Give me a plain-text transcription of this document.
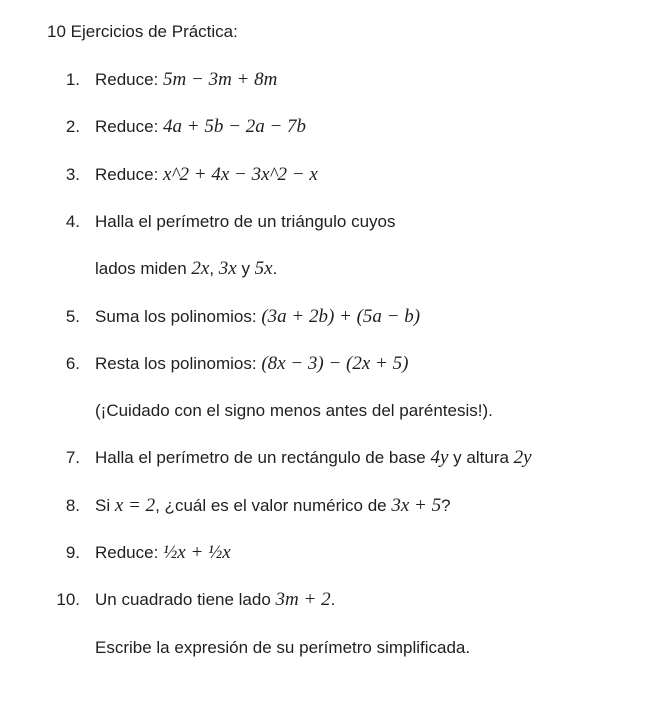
10 Ejercicios de Práctica:
1. Reduce: 5m − 3m + 8m
2. Reduce: 4a + 5b − 2a − 7b
3. Reduce: x^2 + 4x − 3x^2 − x
4. Halla el perímetro de un triángulo cuyos
lados miden 2x, 3x y 5x.
5. Suma los polinomios: (3a + 2b) + (5a − b)
6. Resta los polinomios: (8x − 3) − (2x + 5)
(¡Cuidado con el signo menos antes del paréntesis!).
7. Halla el perímetro de un rectángulo de base 4y y altura 2y
8. Si x = 2, ¿cuál es el valor numérico de 3x + 5?
9. Reduce: ½x + ½x
10. Un cuadrado tiene lado 3m + 2.
Escribe la expresión de su perímetro simplificada.
